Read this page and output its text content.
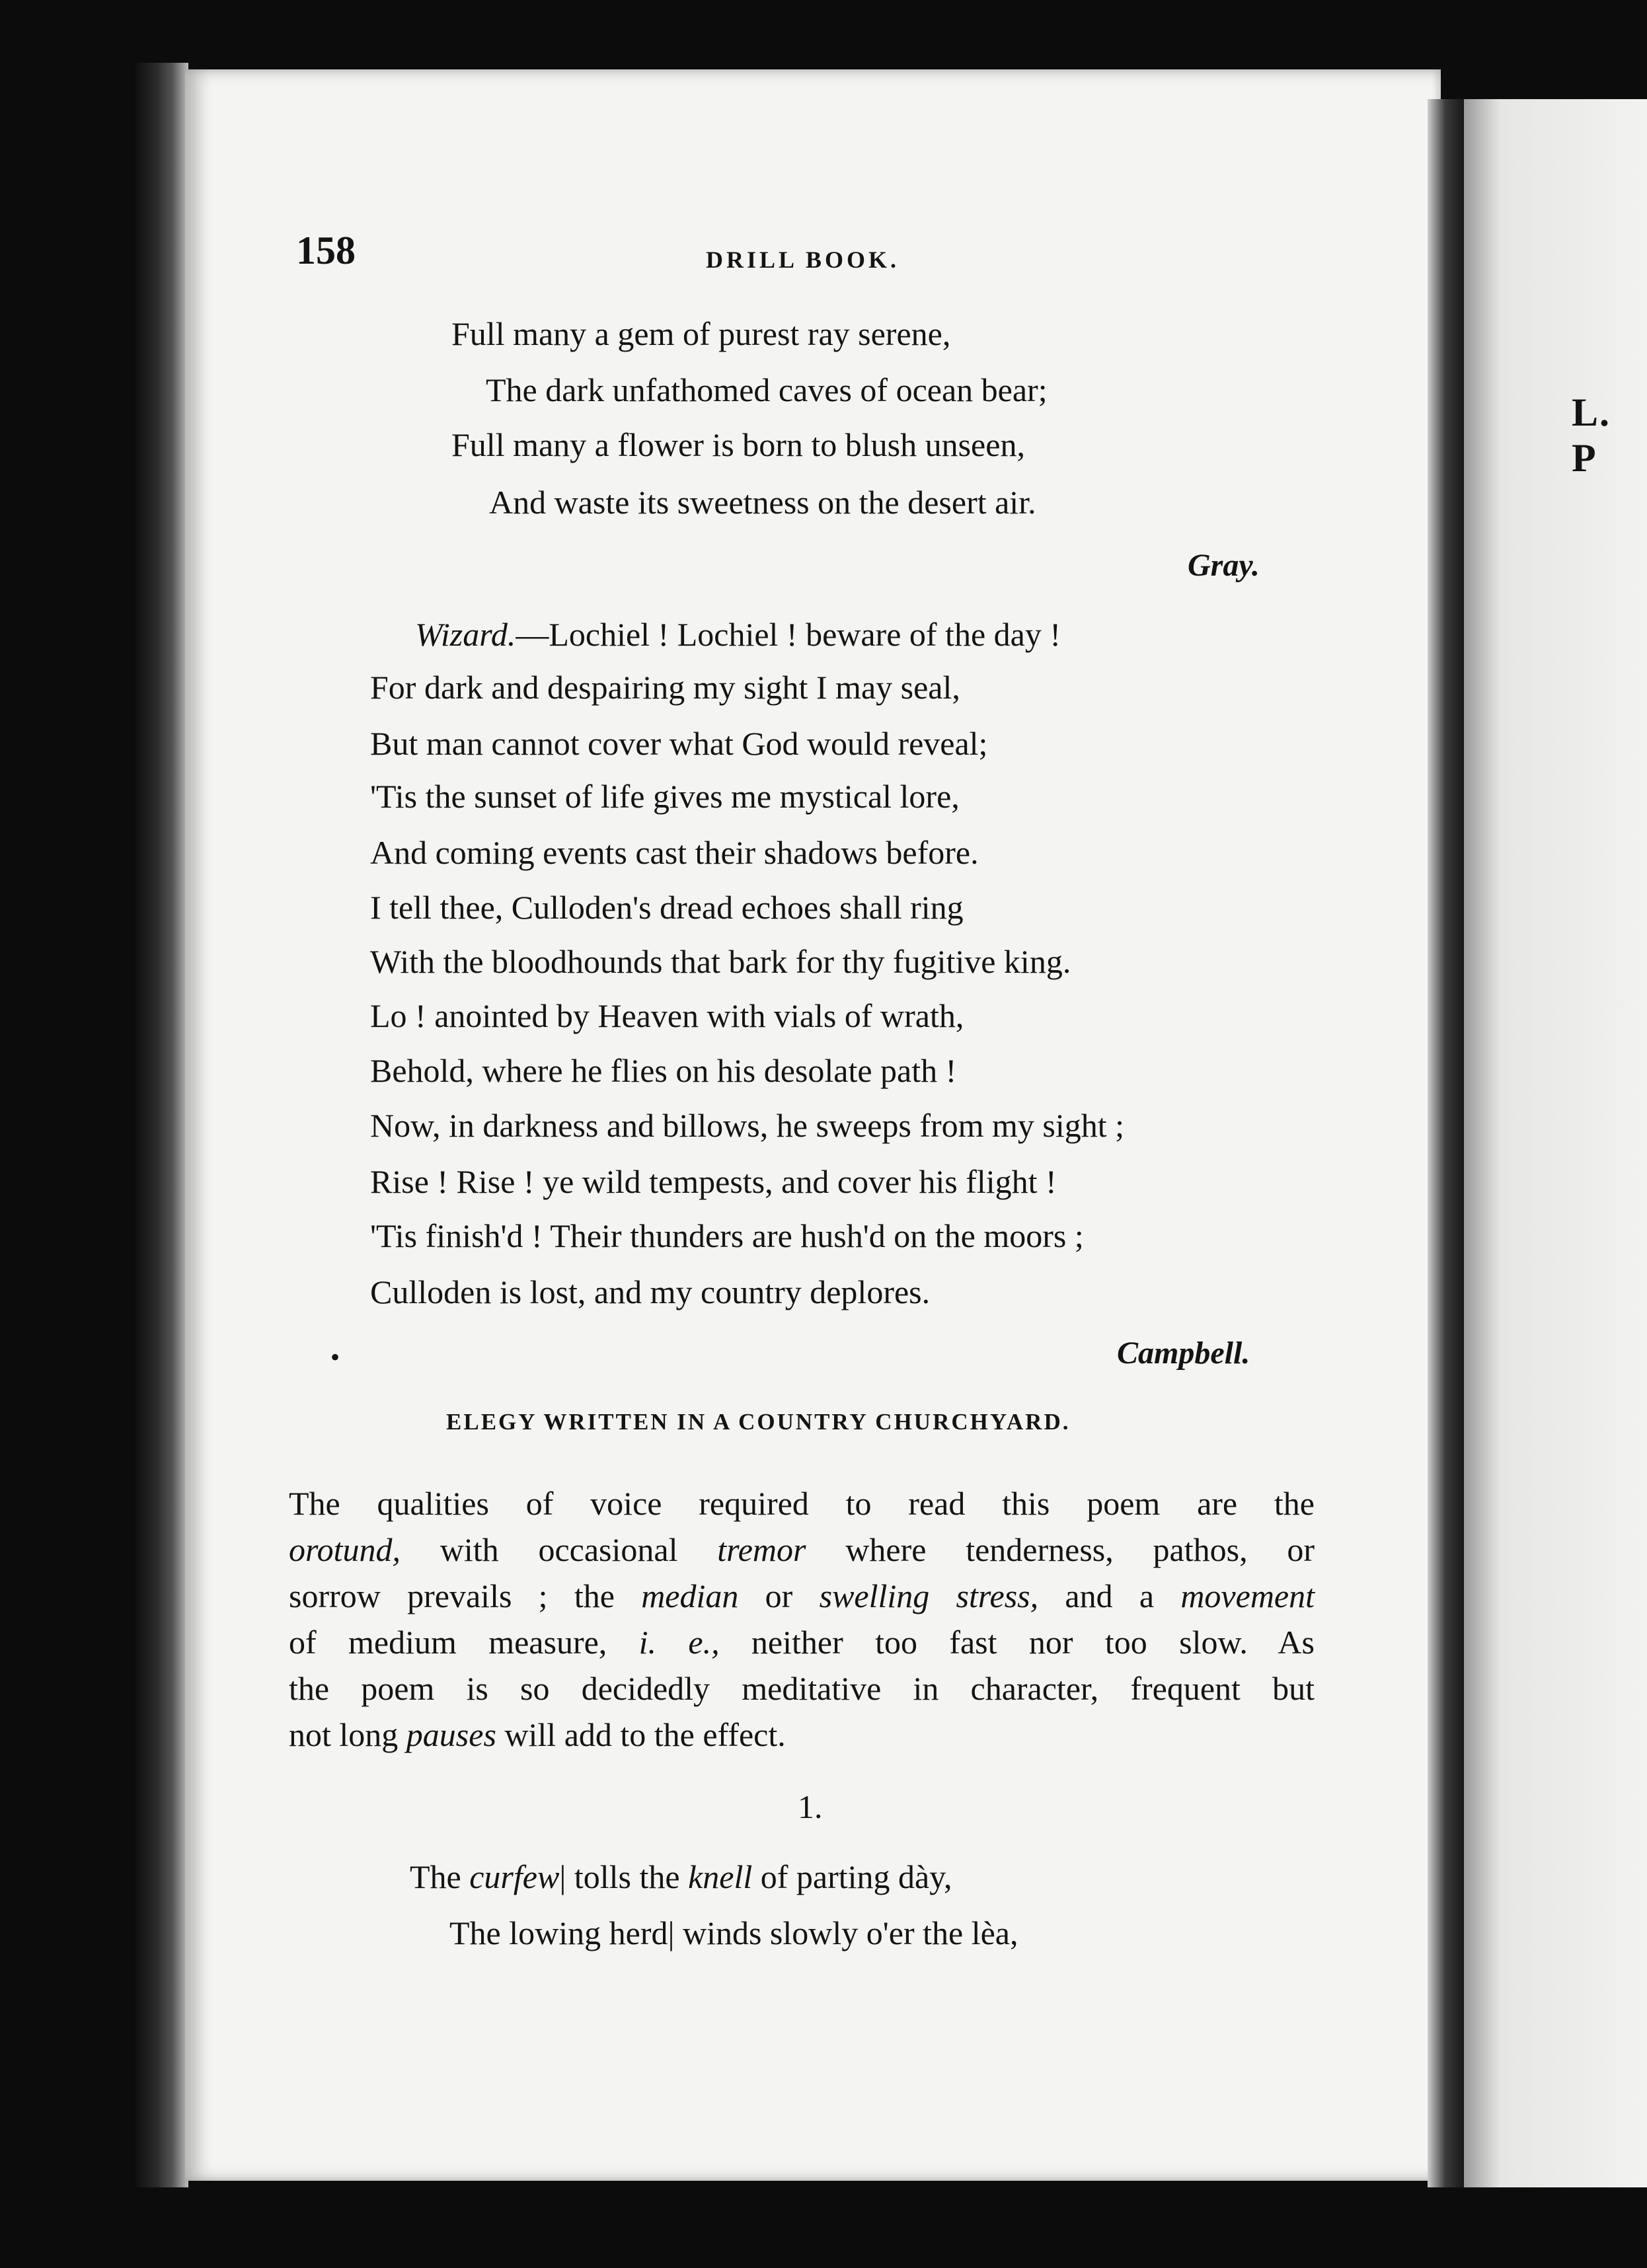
L. P
158	DRILL BOOK.
Full many a gem of purest ray serene,
The dark unfathomed caves of ocean bear;
Full many a flower is born to blush unseen,
And waste its sweetness on the desert air.
Gray.
Wizard.—Lochiel ! Lochiel ! beware of the day !
For dark and despairing my sight I may seal,
But man cannot cover what God would reveal;
'Tis the sunset of life gives me mystical lore,
And coming events cast their shadows before.
I tell thee, Culloden's dread echoes shall ring
With the bloodhounds that bark for thy fugitive king.
Lo ! anointed by Heaven with vials of wrath,
Behold, where he flies on his desolate path !
Now, in darkness and billows, he sweeps from my sight ;
Rise ! Rise ! ye wild tempests, and cover his flight !
'Tis finish'd ! Their thunders are hush'd on the moors ;
Culloden is lost, and my country deplores.
•	Campbell.
ELEGY WRITTEN IN A COUNTRY CHURCHYARD.
The qualities of voice required to read this poem are the
orotund, with occasional tremor where tenderness, pathos, or
sorrow prevails ; the median or swelling stress, and a movement
of medium measure, i. e., neither too fast nor too slow. As
the poem is so decidedly meditative in character, frequent but
not long pauses will add to the effect.
1.
The curfew| tolls the knell of parting dày,
The lowing herd| winds slowly o'er the lèa,
